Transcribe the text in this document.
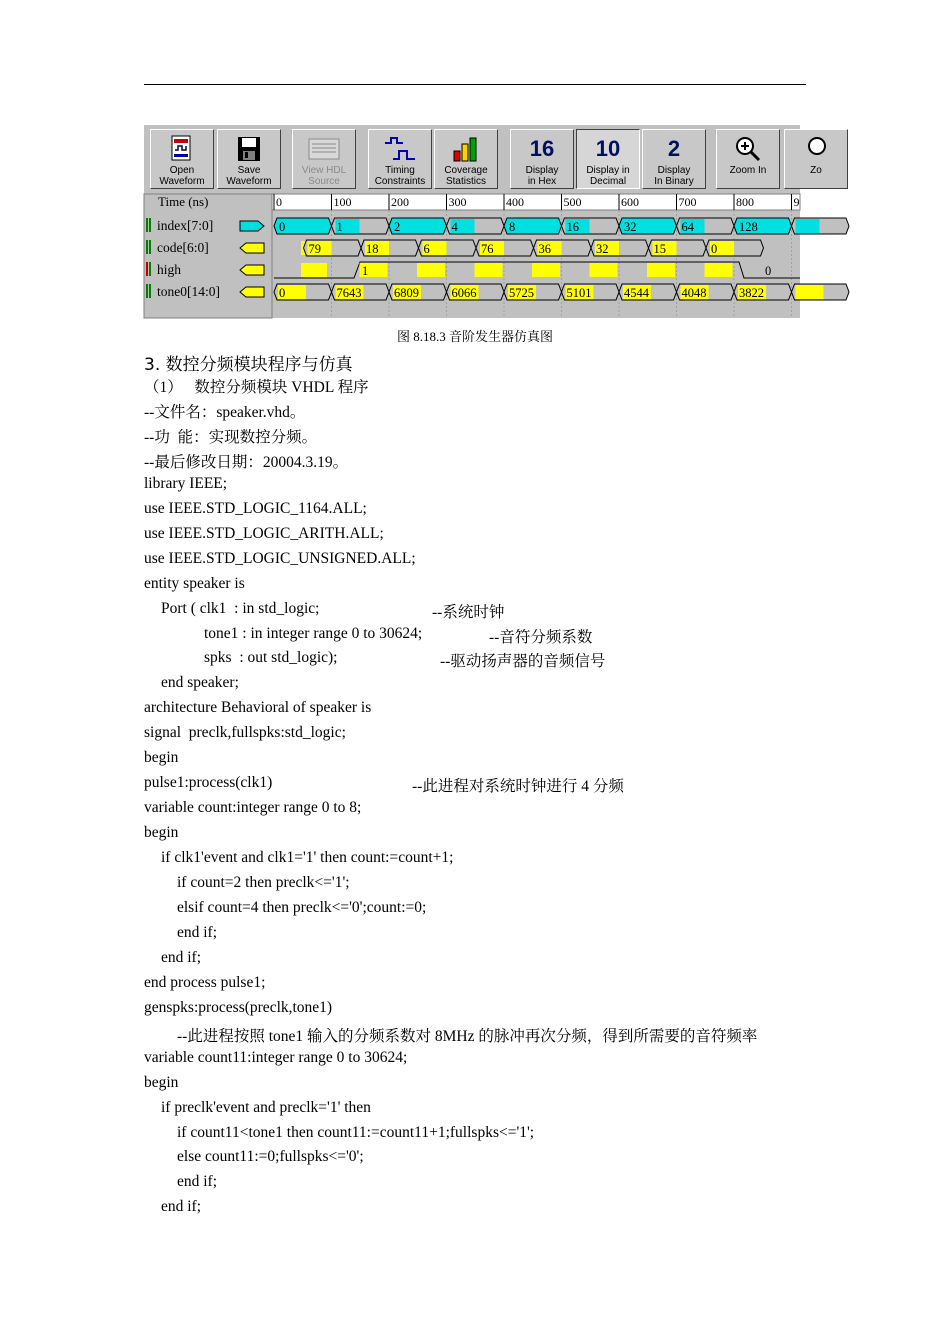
Open
Waveform
Save
Waveform
View HDL
Source
Timing
Constraints
Coverage
Statistics
16
Display
in Hex
10
Display in
Decimal
2
Display
In Binary
Zoom In	Zo
Time (ns)	0	100	200	300	400	500	600	700	800	9
index[7:0]	0	1	2	4	8	16	32	64	128
code[6:0]	79	18	6	76	36	32	15	0
high	1	0
tone0[14:0]	0	7643	6809	6066	5725	5101	4544	4048	3822
图 8.18.3 音阶发生器仿真图
3. 数控分频模块程序与仿真
（1）   数控分频模块 VHDL 程序
--文件名：speaker.vhd。
--功  能：实现数控分频。
--最后修改日期：20004.3.19。
library IEEE;
use IEEE.STD_LOGIC_1164.ALL;
use IEEE.STD_LOGIC_ARITH.ALL;
use IEEE.STD_LOGIC_UNSIGNED.ALL;
entity speaker is
Port ( clk1  : in std_logic;
tone1 : in integer range 0 to 30624;
spks  : out std_logic);
end speaker;
architecture Behavioral of speaker is
signal  preclk,fullspks:std_logic;
begin
pulse1:process(clk1)
variable count:integer range 0 to 8;
begin
if clk1'event and clk1='1' then count:=count+1;
if count=2 then preclk<='1';
elsif count=4 then preclk<='0';count:=0;
end if;
end if;
end process pulse1;
genspks:process(preclk,tone1)
--此进程按照 tone1 输入的分频系数对 8MHz 的脉冲再次分频，得到所需要的音符频率
variable count11:integer range 0 to 30624;
begin
if preclk'event and preclk='1' then
if count11<tone1 then count11:=count11+1;fullspks<='1';
else count11:=0;fullspks<='0';
end if;
end if;
--系统时钟
--音符分频系数
--驱动扬声器的音频信号
--此进程对系统时钟进行 4 分频
